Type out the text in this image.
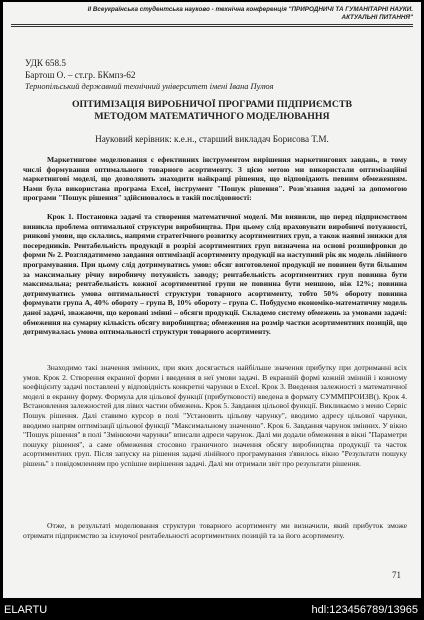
II Всеукраїнська студентська науково - технічна конференція "ПРИРОДНИЧІ ТА ГУМАНІТАРНІ НАУКИ.
АКТУАЛЬНІ ПИТАННЯ"
УДК 658.5
Бартош О. – ст.гр. БКмпз-62
Тернопільський державний технічний університет імені Івана Пулюя
ОПТИМІЗАЦІЯ ВИРОБНИЧОЇ ПРОГРАМИ ПІДПРИЄМСТВ
МЕТОДОМ МАТЕМАТИЧНОГО МОДЕЛЮВАННЯ
Науковий керівник: к.е.н., старший викладач Борисова Т.М.

Маркетингове моделювання є ефективних інструментом вирішення маркетингових завдань, в тому числі формування оптимального товарного асортименту. З цією метою ми використали оптимізаційні маркетингові моделі, що дозволяють знаходити найкращі рішення, що відповідають певним обмеженням. Нами була використана програма Excel, інструмент "Пошук рішення". Розв'язання задачі за допомогою програми "Пошук рішення" здійснювалось в такій послідовності:

Крок 1. Постановка задачі та створення математичної моделі. Ми виявили, що перед підприємством виникла проблема оптимальної структури виробництва. При цьому слід враховувати виробничі потужності, ринкові умови, що склались, напрями стратегічного розвитку асортиментних груп, а також наявні знижки для посередників. Рентабельність продукції в розрізі асортиментних груп визначена на основі розшифровки до форми № 2. Розглядатимемо завдання оптимізації асортименту продукції на наступний рік як модель лінійного програмування. При цьому слід дотримуватись умов: обсяг виготовленої продукції не повинен бути більшим за максимальну річну виробничу потужність заводу; рентабельність асортиментних груп повинна бути максимальна; рентабельність кожної асортиментної групи не повинна бути меншою, ніж 12%; повинна дотримуватись умова оптимальності структури товарного асортименту, тобто 50% обороту повинна формувати група А, 40% обороту – група В, 10% обороту – група С. Побудуємо економіко-математичну модель даної задачі, зважаючи, що керовані змінні – обсяги продукції. Складемо систему обмежень за умовами задачі: обмеження на сумарну кількість обсягу виробництва; обмеження на розмір частки асортиментних позицій, що дотримувалась умова оптимальності структури товарного асортименту.

Знаходимо такі значення змінних, при яких досягається найбільше значення прибутку при дотриманні всіх умов. Крок 2. Створення екранної форми і введення в неї умови задачі. В екранній формі кожній змінній і кожному коефіцієнту задачі поставлені у відповідність конкретні чарунки в Excel. Крок 3. Введення залежності з математичної моделі в екранну форму. Формула для цільової функції (прибутковості) введена в формату СУММПРОИЗВ(). Крок 4. Встановлення залежностей для лівих частин обмежень. Крок 5. Завдання цільової функції. Викликаємо з меню Сервіс Пошук рішення. Далі ставимо курсор в полі "Установить цільову чарунку", вводимо адресу цільової чарунки, вводимо напрям оптимізації цільової функції "Максимальному значенню". Крок 6. Завдання чарунок змінних. У вікно "Пошук рішення" в полі "Змінюючи чарунки" вписали адреси чарунок. Далі ми додали обмеження в вікні "Параметри пошуку рішення", а саме обмеження стосовно граничного значення обсягу виробництва продукції та часток асортиментних груп. Після запуску на рішення задачі лінійного програмування з'явилось вікно "Результати пошуку рішень" з повідомленням про успішне вирішення задачі. Далі ми отримали звіт про результати рішення.

Отже, в результаті моделювання структури товарного асортименту ми визначили, який прибуток зможе отримати підприємство за існуючої рентабельності асортиментних позицій та за його асортименту.

71
ELARTU	hdl:123456789/13965
